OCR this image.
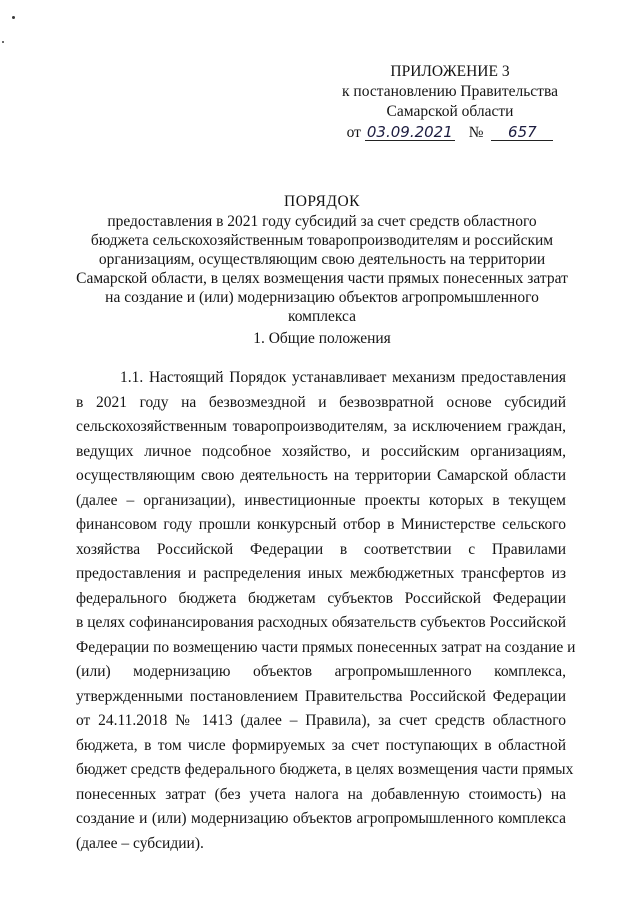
ПРИЛОЖЕНИЕ 3
к постановлению Правительства
Самарской области
от 03.09.2021 № 657
ПОРЯДОК
предоставления в 2021 году субсидий за счет средств областного
бюджета сельскохозяйственным товаропроизводителям и российским
организациям, осуществляющим свою деятельность на территории
Самарской области, в целях возмещения части прямых понесенных затрат
на создание и (или) модернизацию объектов агропромышленного
комплекса
1. Общие положения
1.1. Настоящий Порядок устанавливает механизм предоставления
в 2021 году на безвозмездной и безвозвратной основе субсидий
сельскохозяйственным товаропроизводителям, за исключением граждан,
ведущих личное подсобное хозяйство, и российским организациям,
осуществляющим свою деятельность на территории Самарской области
(далее – организации), инвестиционные проекты которых в текущем
финансовом году прошли конкурсный отбор в Министерстве сельского
хозяйства Российской Федерации в соответствии с Правилами
предоставления и распределения иных межбюджетных трансфертов из
федерального бюджета бюджетам субъектов Российской Федерации
в целях софинансирования расходных обязательств субъектов Российской
Федерации по возмещению части прямых понесенных затрат на создание и
(или) модернизацию объектов агропромышленного комплекса,
утвержденными постановлением Правительства Российской Федерации
от 24.11.2018 № 1413 (далее – Правила), за счет средств областного
бюджета, в том числе формируемых за счет поступающих в областной
бюджет средств федерального бюджета, в целях возмещения части прямых
понесенных затрат (без учета налога на добавленную стоимость) на
создание и (или) модернизацию объектов агропромышленного комплекса
(далее – субсидии).
